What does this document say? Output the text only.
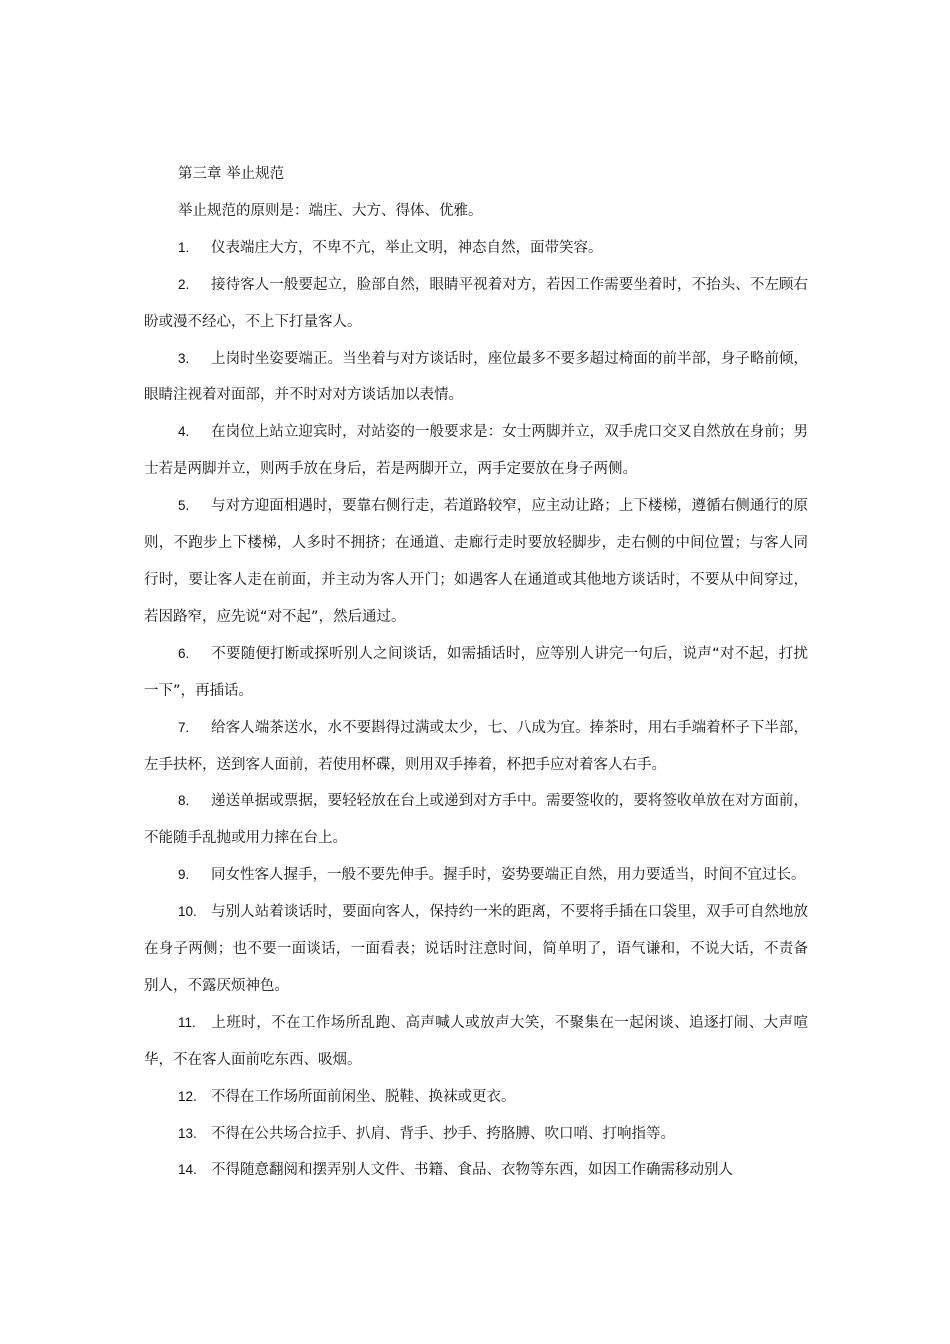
第三章 举止规范

举止规范的原则是：端庄、大方、得体、优雅。

1. 仪表端庄大方，不卑不亢，举止文明，神态自然，面带笑容。

2. 接待客人一般要起立，脸部自然，眼睛平视着对方，若因工作需要坐着时，不抬头、不左顾右盼或漫不经心，不上下打量客人。

3. 上岗时坐姿要端正。当坐着与对方谈话时，座位最多不要多超过椅面的前半部，身子略前倾，眼睛注视着对面部，并不时对对方谈话加以表情。

4. 在岗位上站立迎宾时，对站姿的一般要求是：女士两脚并立，双手虎口交叉自然放在身前；男士若是两脚并立，则两手放在身后，若是两脚开立，两手定要放在身子两侧。

5. 与对方迎面相遇时，要靠右侧行走，若道路较窄，应主动让路；上下楼梯，遵循右侧通行的原则，不跑步上下楼梯，人多时不拥挤；在通道、走廊行走时要放轻脚步，走右侧的中间位置；与客人同行时，要让客人走在前面，并主动为客人开门；如遇客人在通道或其他地方谈话时，不要从中间穿过，若因路窄，应先说“对不起”，然后通过。

6. 不要随便打断或探听别人之间谈话，如需插话时，应等别人讲完一句后，说声“对不起，打扰一下”，再插话。

7. 给客人端茶送水，水不要斟得过满或太少，七、八成为宜。捧茶时，用右手端着杯子下半部，左手扶杯，送到客人面前，若使用杯碟，则用双手捧着，杯把手应对着客人右手。

8. 递送单据或票据，要轻轻放在台上或递到对方手中。需要签收的，要将签收单放在对方面前，不能随手乱抛或用力摔在台上。

9. 同女性客人握手，一般不要先伸手。握手时，姿势要端正自然，用力要适当，时间不宜过长。

10. 与别人站着谈话时，要面向客人，保持约一米的距离，不要将手插在口袋里，双手可自然地放在身子两侧；也不要一面谈话，一面看表；说话时注意时间，简单明了，语气谦和，不说大话，不责备别人，不露厌烦神色。

11. 上班时，不在工作场所乱跑、高声喊人或放声大笑，不聚集在一起闲谈、追逐打闹、大声喧华，不在客人面前吃东西、吸烟。

12. 不得在工作场所面前闲坐、脱鞋、换袜或更衣。

13. 不得在公共场合拉手、扒肩、背手、抄手、挎胳膊、吹口哨、打响指等。

14. 不得随意翻阅和摆弄别人文件、书籍、食品、衣物等东西，如因工作确需移动别人
